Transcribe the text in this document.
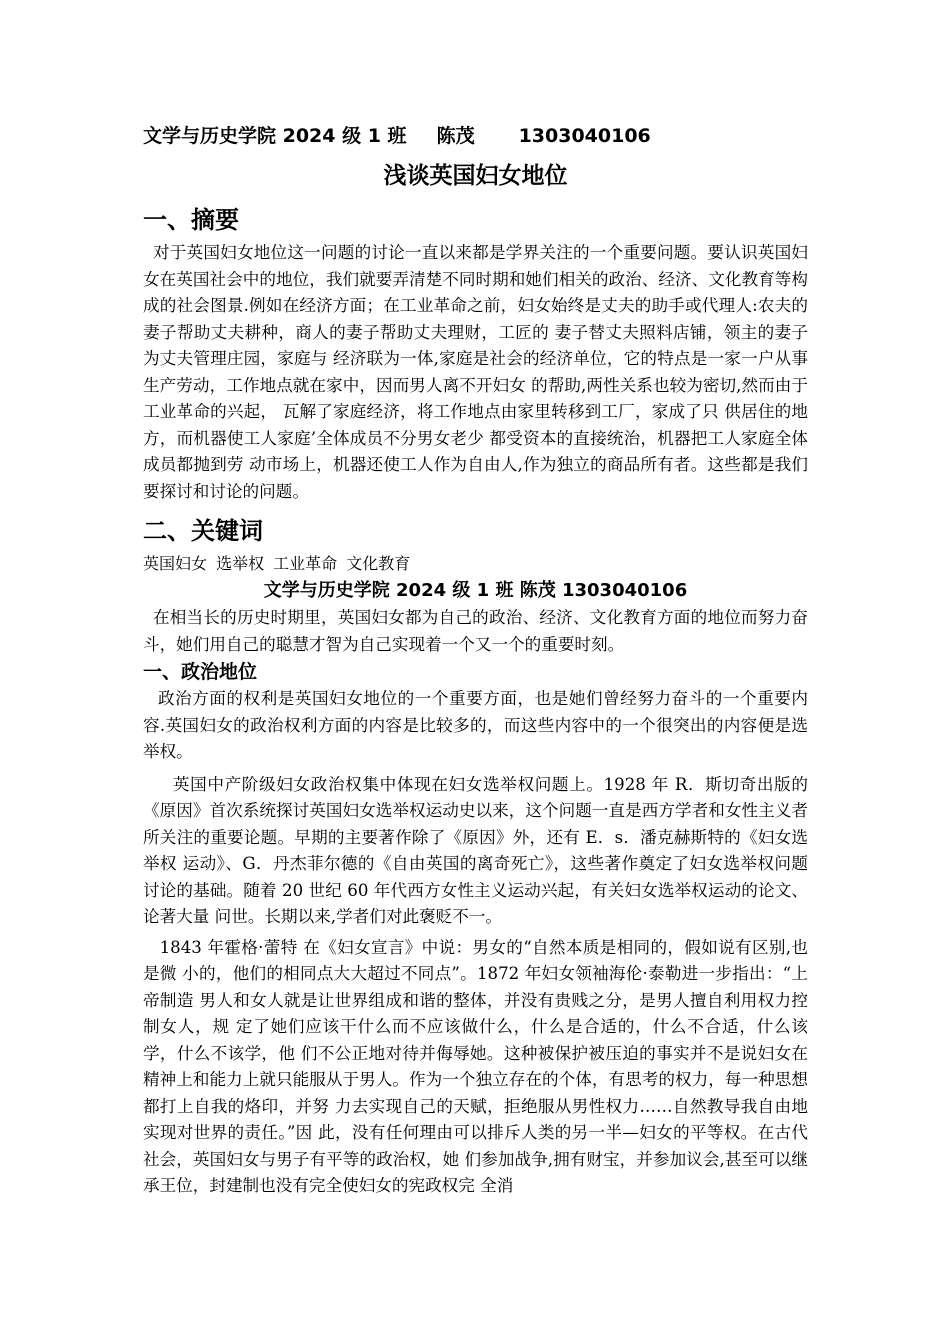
文学与历史学院 2024 级 1 班 陈茂 1303040106
浅谈英国妇女地位
一、摘要

对于英国妇女地位这一问题的讨论一直以来都是学界关注的一个重要问题。要认识英国妇女在英国社会中的地位，我们就要弄清楚不同时期和她们相关的政治、经济、文化教育等构成的社会图景.例如在经济方面；在工业革命之前，妇女始终是丈夫的助手或代理人:农夫的妻子帮助丈夫耕种，商人的妻子帮助丈夫理财，工匠的 妻子替丈夫照料店铺，领主的妻子为丈夫管理庄园，家庭与 经济联为一体,家庭是社会的经济单位，它的特点是一家一户从事生产劳动，工作地点就在家中，因而男人离不开妇女 的帮助,两性关系也较为密切,然而由于工业革命的兴起， 瓦解了家庭经济，将工作地点由家里转移到工厂，家成了只 供居住的地方，而机器使工人家庭’全体成员不分男女老少 都受资本的直接统治，机器把工人家庭全体成员都抛到劳 动市场上，机器还使工人作为自由人,作为独立的商品所有者。这些都是我们要探讨和讨论的问题。

二、关键词
英国妇女 选举权 工业革命 文化教育
文学与历史学院 2024 级 1 班 陈茂 1303040106

在相当长的历史时期里，英国妇女都为自己的政治、经济、文化教育方面的地位而努力奋斗，她们用自己的聪慧才智为自己实现着一个又一个的重要时刻。

一、政治地位

政治方面的权利是英国妇女地位的一个重要方面，也是她们曾经努力奋斗的一个重要内容.英国妇女的政治权利方面的内容是比较多的，而这些内容中的一个很突出的内容便是选举权。

英国中产阶级妇女政治权集中体现在妇女选举权问题上。1928 年 R．斯切奇出版的《原因》首次系统探讨英国妇女选举权运动史以来，这个问题一直是西方学者和女性主义者所关注的重要论题。早期的主要著作除了《原因》外，还有 E．s．潘克赫斯特的《妇女选举权 运动》、G．丹杰菲尔德的《自由英国的离奇死亡》，这些著作奠定了妇女选举权问题讨论的基础。随着 20 世纪 60 年代西方女性主义运动兴起，有关妇女选举权运动的论文、论著大量 问世。长期以来,学者们对此褒贬不一。

1843 年霍格·蕾特 在《妇女宣言》中说：男女的“自然本质是相同的，假如说有区别,也是微 小的，他们的相同点大大超过不同点”。1872 年妇女领袖海伦·泰勒进一步指出：“上帝制造 男人和女人就是让世界组成和谐的整体，并没有贵贱之分，是男人擅自利用权力控制女人，规 定了她们应该干什么而不应该做什么，什么是合适的，什么不合适，什么该学，什么不该学，他 们不公正地对待并侮辱她。这种被保护被压迫的事实并不是说妇女在精神上和能力上就只能服从于男人。作为一个独立存在的个体，有思考的权力，每一种思想都打上自我的烙印，并努 力去实现自己的天赋，拒绝服从男性权力……自然教导我自由地实现对世界的责任。”因 此，没有任何理由可以排斥人类的另一半—妇女的平等权。在古代社会，英国妇女与男子有平等的政治权，她 们参加战争,拥有财宝，并参加议会,甚至可以继承王位，封建制也没有完全使妇女的宪政权完 全消
